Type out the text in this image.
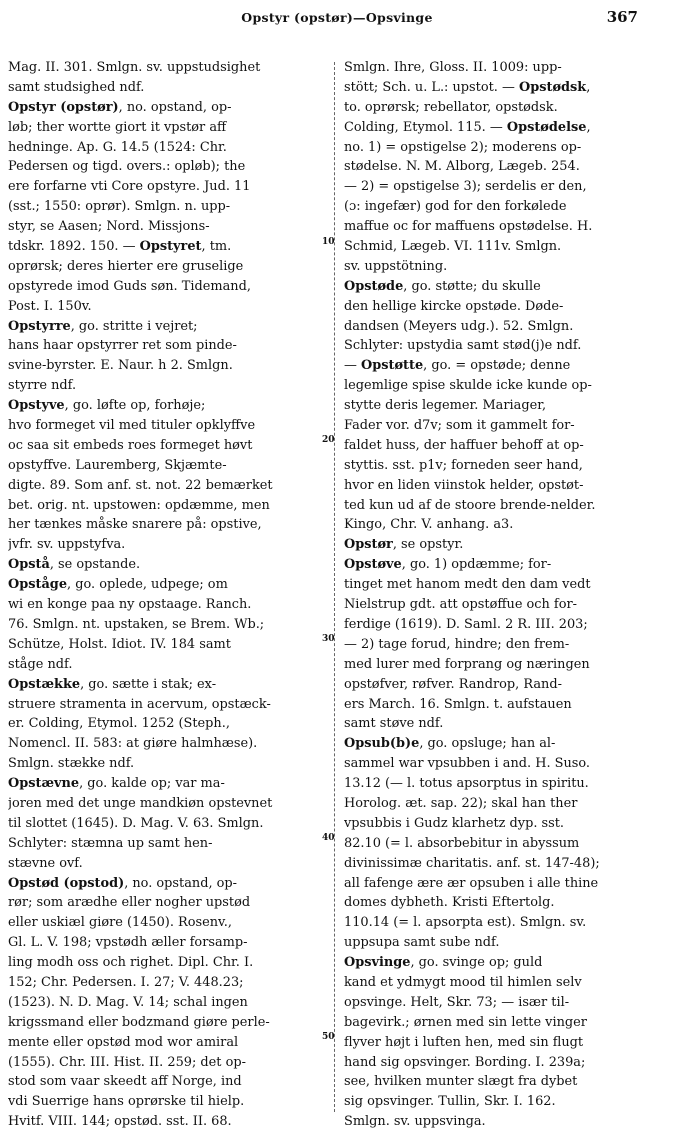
Opstyr (opstør)—Opsvinge	367
Mag. II. 301. Smlgn. sv. uppstudsighet
samt studsighed ndf.
Opstyr (opstør), no. opstand, op-
løb; ther wortte giort it vpstør aff
hedninge. Ap. G. 14.5 (1524: Chr.
Pedersen og tigd. overs.: opløb); the
ere forfarne vti Core opstyre. Jud. 11
(sst.; 1550: oprør). Smlgn. n. upp-
styr, se Aasen; Nord. Missjons-
tdskr. 1892. 150. — Opstyret, tm.
oprørsk; deres hierter ere gruselige
opstyrede imod Guds søn. Tidemand,
Post. I. 150v.
Opstyrre, go. stritte i vejret;
hans haar opstyrrer ret som pinde-
svine-byrster. E. Naur. h 2. Smlgn.
styrre ndf.
Opstyve, go. løfte op, forhøje;
hvo formeget vil med tituler opklyffve
oc saa sit embeds roes formeget høvt
opstyffve. Lauremberg, Skjæmte-
digte. 89. Som anf. st. not. 22 bemærket
bet. orig. nt. upstowen: opdæmme, men
her tænkes måske snarere på: opstive,
jvfr. sv. uppstyfva.
Opstå, se opstande.
Opståge, go. oplede, udpege; om
wi en konge paa ny opstaage. Ranch.
76. Smlgn. nt. upstaken, se Brem. Wb.;
Schütze, Holst. Idiot. IV. 184 samt
ståge ndf.
Opstække, go. sætte i stak; ex-
struere stramenta in acervum, opstæck-
er. Colding, Etymol. 1252 (Steph.,
Nomencl. II. 583: at giøre halmhæse).
Smlgn. stække ndf.
Opstævne, go. kalde op; var ma-
joren med det unge mandkiøn opstevnet
til slottet (1645). D. Mag. V. 63. Smlgn.
Schlyter: stæmna up samt hen-
stævne ovf.
Opstød (opstod), no. opstand, op-
rør; som arædhe eller nogher upstød
eller uskiæl giøre (1450). Rosenv.,
Gl. L. V. 198; vpstødh æller forsamp-
ling modh oss och righet. Dipl. Chr. I.
152; Chr. Pedersen. I. 27; V. 448.23;
(1523). N. D. Mag. V. 14; schal ingen
krigssmand eller bodzmand giøre perle-
mente eller opstød mod wor amiral
(1555). Chr. III. Hist. II. 259; det op-
stod som vaar skeedt aff Norge, ind
vdi Suerrige hans oprørske til hielp.
Hvitf. VIII. 144; opstød. sst. II. 68.
Smlgn. Ihre, Gloss. II. 1009: upp-
stött; Sch. u. L.: upstot. — Opstødsk,
to. oprørsk; rebellator, opstødsk.
Colding, Etymol. 115. — Opstødelse,
no. 1) = opstigelse 2); moderens op-
stødelse. N. M. Alborg, Lægeb. 254.
— 2) = opstigelse 3); serdelis er den,
(ɔ: ingefær) god for den forkølede
maffue oc for maffuens opstødelse. H.
Schmid, Lægeb. VI. 111v. Smlgn.
sv. uppstötning.
Opstøde, go. støtte; du skulle
den hellige kircke opstøde. Døde-
dandsen (Meyers udg.). 52. Smlgn.
Schlyter: upstydia samt stød(j)e ndf.
— Opstøtte, go. = opstøde; denne
legemlige spise skulde icke kunde op-
stytte deris legemer. Mariager,
Fader vor. d7v; som it gammelt for-
faldet huss, der haffuer behoff at op-
styttis. sst. p1v; forneden seer hand,
hvor en liden viinstok helder, opstøt-
ted kun ud af de stoore brende-nelder.
Kingo, Chr. V. anhang. a3.
Opstør, se opstyr.
Opstøve, go. 1) opdæmme; for-
tinget met hanom medt den dam vedt
Nielstrup gdt. att opstøffue och for-
ferdige (1619). D. Saml. 2 R. III. 203;
— 2) tage forud, hindre; den frem-
med lurer med forprang og næringen
opstøfver, røfver. Randrop, Rand-
ers March. 16. Smlgn. t. aufstauen
samt støve ndf.
Opsub(b)e, go. opsluge; han al-
sammel war vpsubben i and. H. Suso.
13.12 (— l. totus apsorptus in spiritu.
Horolog. æt. sap. 22); skal han ther
vpsubbis i Gudz klarhetz dyp. sst.
82.10 (= l. absorbebitur in abyssum
divinissimæ charitatis. anf. st. 147-48);
all fafenge ære ær opsuben i alle thine
domes dybheth. Kristi Eftertolg.
110.14 (= l. apsorpta est). Smlgn. sv.
uppsupa samt sube ndf.
Opsvinge, go. svinge op; guld
kand et ydmygt mood til himlen selv
opsvinge. Helt, Skr. 73; — især til-
bagevirk.; ørnen med sin lette vinger
flyver højt i luften hen, med sin flugt
hand sig opsvinger. Bording. I. 239a;
see, hvilken munter slægt fra dybet
sig opsvinger. Tullin, Skr. I. 162.
Smlgn. sv. uppsvinga.
10
20
30
40
50
